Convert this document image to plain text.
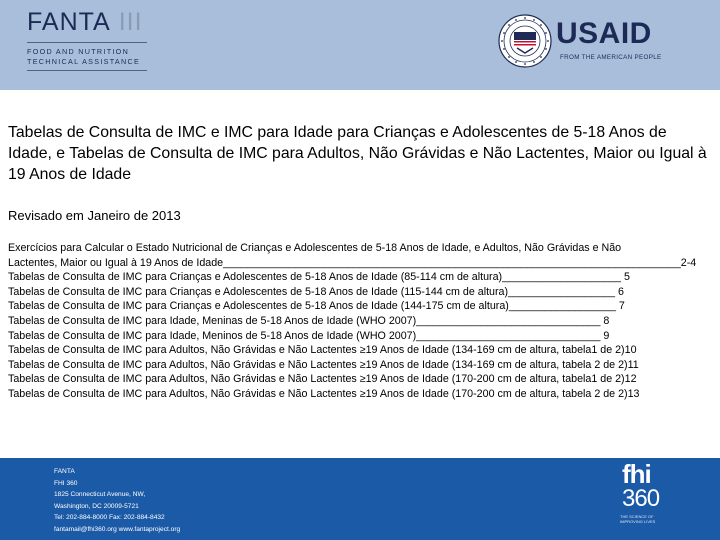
FANTA III
FOOD AND NUTRITION
TECHNICAL ASSISTANCE
USAID
FROM THE AMERICAN PEOPLE
Tabelas de Consulta de IMC e IMC para Idade para Crianças e Adolescentes de 5-18 Anos de Idade, e Tabelas de Consulta de IMC para Adultos, Não Grávidas e Não Lactentes, Maior ou Igual à 19 Anos de Idade
Revisado em Janeiro de 2013
Exercícios para Calcular o Estado Nutricional de Crianças e Adolescentes de 5-18 Anos de Idade, e Adultos, Não Grávidas e Não
Lactentes, Maior ou Igual à 19 Anos de Idade_____________________________________________________________________________2-4
Tabelas de Consulta de IMC para Crianças e Adolescentes de 5-18 Anos de Idade (85-114 cm de altura)____________________ 5
Tabelas de Consulta de IMC para Crianças e Adolescentes de 5-18 Anos de Idade (115-144 cm de altura)__________________ 6
Tabelas de Consulta de IMC para Crianças e Adolescentes de 5-18 Anos de Idade (144-175 cm de altura)__________________ 7
Tabelas de Consulta de IMC para Idade, Meninas de 5-18 Anos de Idade (WHO 2007)_______________________________ 8
Tabelas de Consulta de IMC para Idade, Meninos de 5-18 Anos de Idade (WHO 2007)_______________________________ 9
Tabelas de Consulta de IMC para Adultos, Não Grávidas e Não Lactentes ≥19 Anos de Idade (134-169 cm de altura, tabela1 de 2)10
Tabelas de Consulta de IMC para Adultos, Não Grávidas e Não Lactentes ≥19 Anos de Idade (134-169 cm de altura, tabela 2 de 2)11
Tabelas de Consulta de IMC para Adultos, Não Grávidas e Não Lactentes ≥19 Anos de Idade (170-200 cm de altura, tabela1 de 2)12
Tabelas de Consulta de IMC para Adultos, Não Grávidas e Não Lactentes ≥19 Anos de Idade (170-200 cm de altura, tabela 2 de 2)13
FANTA
FHI 360
1825 Connecticut Avenue, NW,
Washington, DC 20009-5721
Tel: 202-884-8000 Fax: 202-884-8432
fantamail@fhi360.org www.fantaproject.org
fhi
360
THE SCIENCE OF IMPROVING LIVES
